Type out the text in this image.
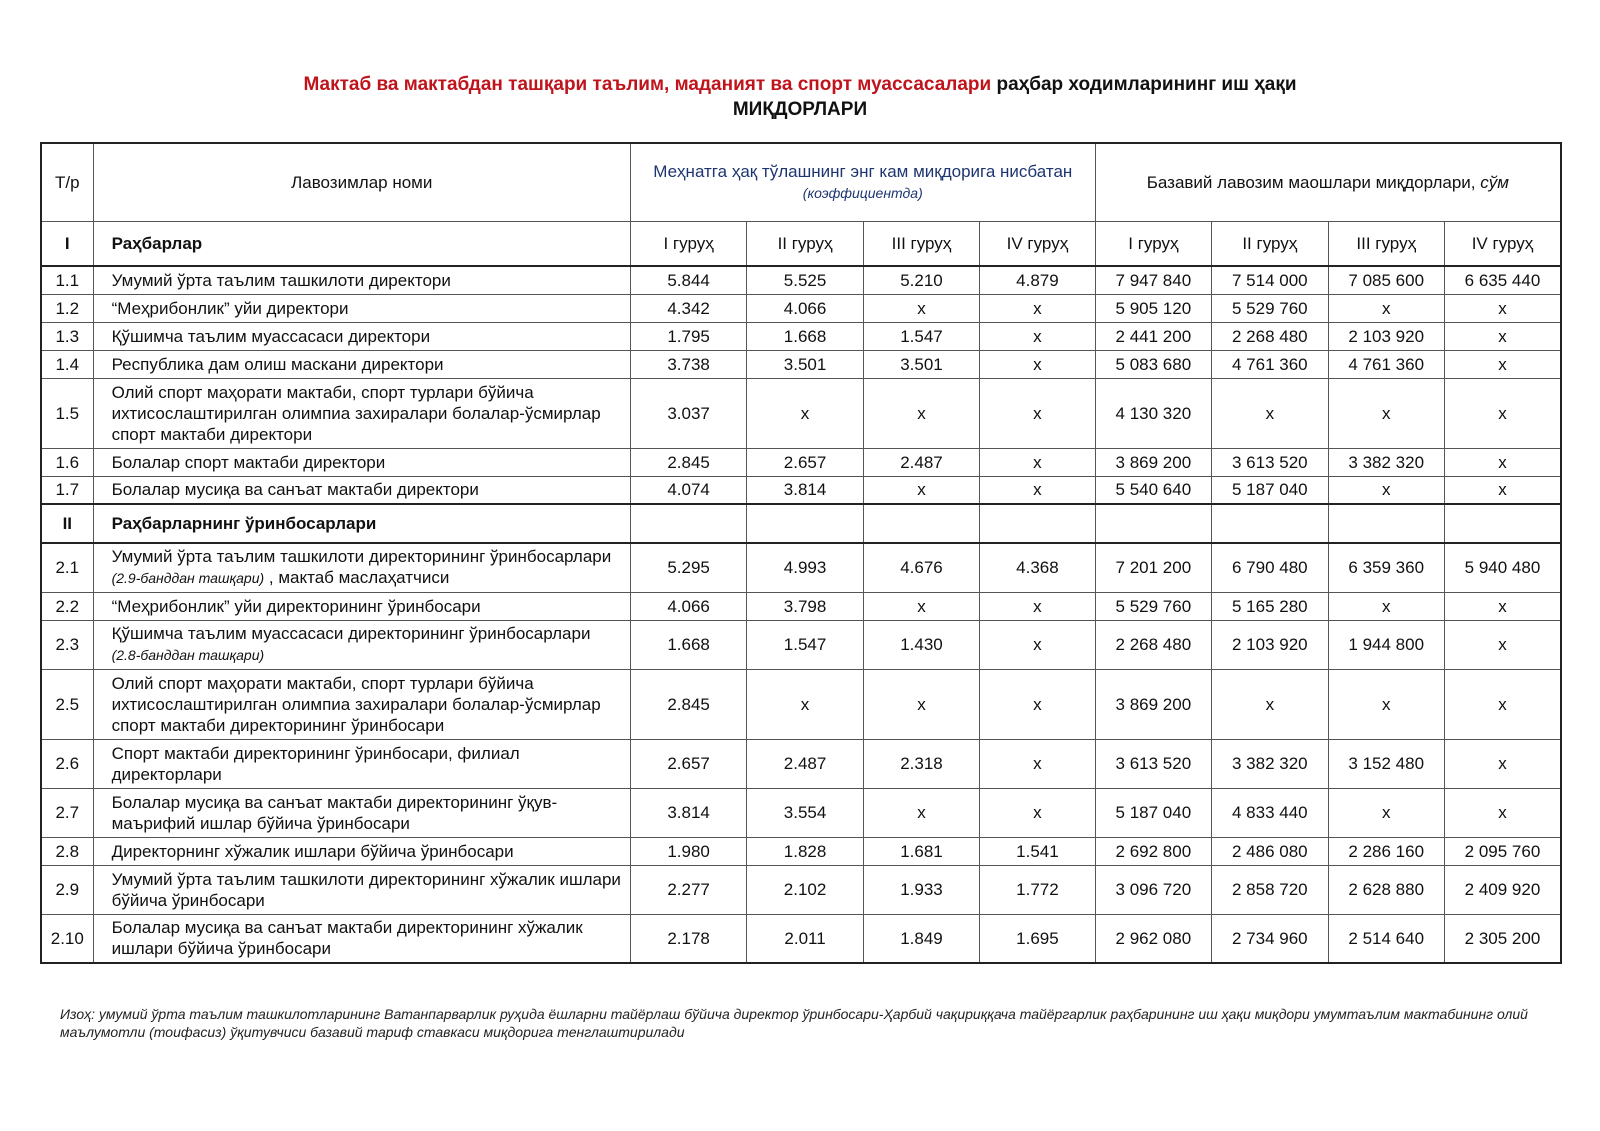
Мактаб ва мактабдан ташқари таълим, маданият ва спорт муассасалари раҳбар ходимларининг иш ҳақи
МИҚДОРЛАРИ
Т/р	Лавозимлар номи	Меҳнатга ҳақ тўлашнинг энг кам миқдорига нисбатан (коэффициентда)				Базавий лавозим маошлари миқдорлари, сўм			
I	Раҳбарлар	I гуруҳ	II гуруҳ	III гуруҳ	IV гуруҳ	I гуруҳ	II гуруҳ	III гуруҳ	IV гуруҳ
1.1	Умумий ўрта таълим ташкилоти директори	5.844	5.525	5.210	4.879	7 947 840	7 514 000	7 085 600	6 635 440
1.2	“Меҳрибонлик” уйи директори	4.342	4.066	x	x	5 905 120	5 529 760	x	x
1.3	Қўшимча таълим муассасаси директори	1.795	1.668	1.547	x	2 441 200	2 268 480	2 103 920	x
1.4	Республика дам олиш маскани директори	3.738	3.501	3.501	x	5 083 680	4 761 360	4 761 360	x
1.5	Олий спорт маҳорати мактаби, спорт турлари бўйича ихтисослаштирилган олимпиа захиралари болалар-ўсмирлар спорт мактаби директори	3.037	x	x	x	4 130 320	x	x	x
1.6	Болалар спорт мактаби директори	2.845	2.657	2.487	x	3 869 200	3 613 520	3 382 320	x
1.7	Болалар мусиқа ва санъат мактаби директори	4.074	3.814	x	x	5 540 640	5 187 040	x	x
II	Раҳбарларнинг ўринбосарлари								
2.1	Умумий ўрта таълим ташкилоти директорининг ўринбосарлари (2.9-банддан ташқари) , мактаб маслаҳатчиси	5.295	4.993	4.676	4.368	7 201 200	6 790 480	6 359 360	5 940 480
2.2	“Меҳрибонлик” уйи директорининг ўринбосари	4.066	3.798	x	x	5 529 760	5 165 280	x	x
2.3	Қўшимча таълим муассасаси директорининг ўринбосарлари (2.8-банддан ташқари)	1.668	1.547	1.430	x	2 268 480	2 103 920	1 944 800	x
2.5	Олий спорт маҳорати мактаби, спорт турлари бўйича ихтисослаштирилган олимпиа захиралари болалар-ўсмирлар спорт мактаби директорининг ўринбосари	2.845	x	x	x	3 869 200	x	x	x
2.6	Спорт мактаби директорининг ўринбосари, филиал директорлари	2.657	2.487	2.318	x	3 613 520	3 382 320	3 152 480	x
2.7	Болалар мусиқа ва санъат мактаби директорининг ўқув-маърифий ишлар бўйича ўринбосари	3.814	3.554	x	x	5 187 040	4 833 440	x	x
2.8	Директорнинг хўжалик ишлари бўйича ўринбосари	1.980	1.828	1.681	1.541	2 692 800	2 486 080	2 286 160	2 095 760
2.9	Умумий ўрта таълим ташкилоти директорининг хўжалик ишлари бўйича ўринбосари	2.277	2.102	1.933	1.772	3 096 720	2 858 720	2 628 880	2 409 920
2.10	Болалар мусиқа ва санъат мактаби директорининг хўжалик ишлари бўйича ўринбосари	2.178	2.011	1.849	1.695	2 962 080	2 734 960	2 514 640	2 305 200
Изоҳ: умумий ўрта таълим ташкилотларининг Ватанпарварлик руҳида ёшларни тайёрлаш бўйича директор ўринбосари-Ҳарбий чақириққача тайёргарлик раҳбарининг иш ҳақи миқдори умумтаълим мактабининг олий маълумотли (тоифасиз) ўқитувчиси базавий тариф ставкаси миқдорига тенглаштирилади
